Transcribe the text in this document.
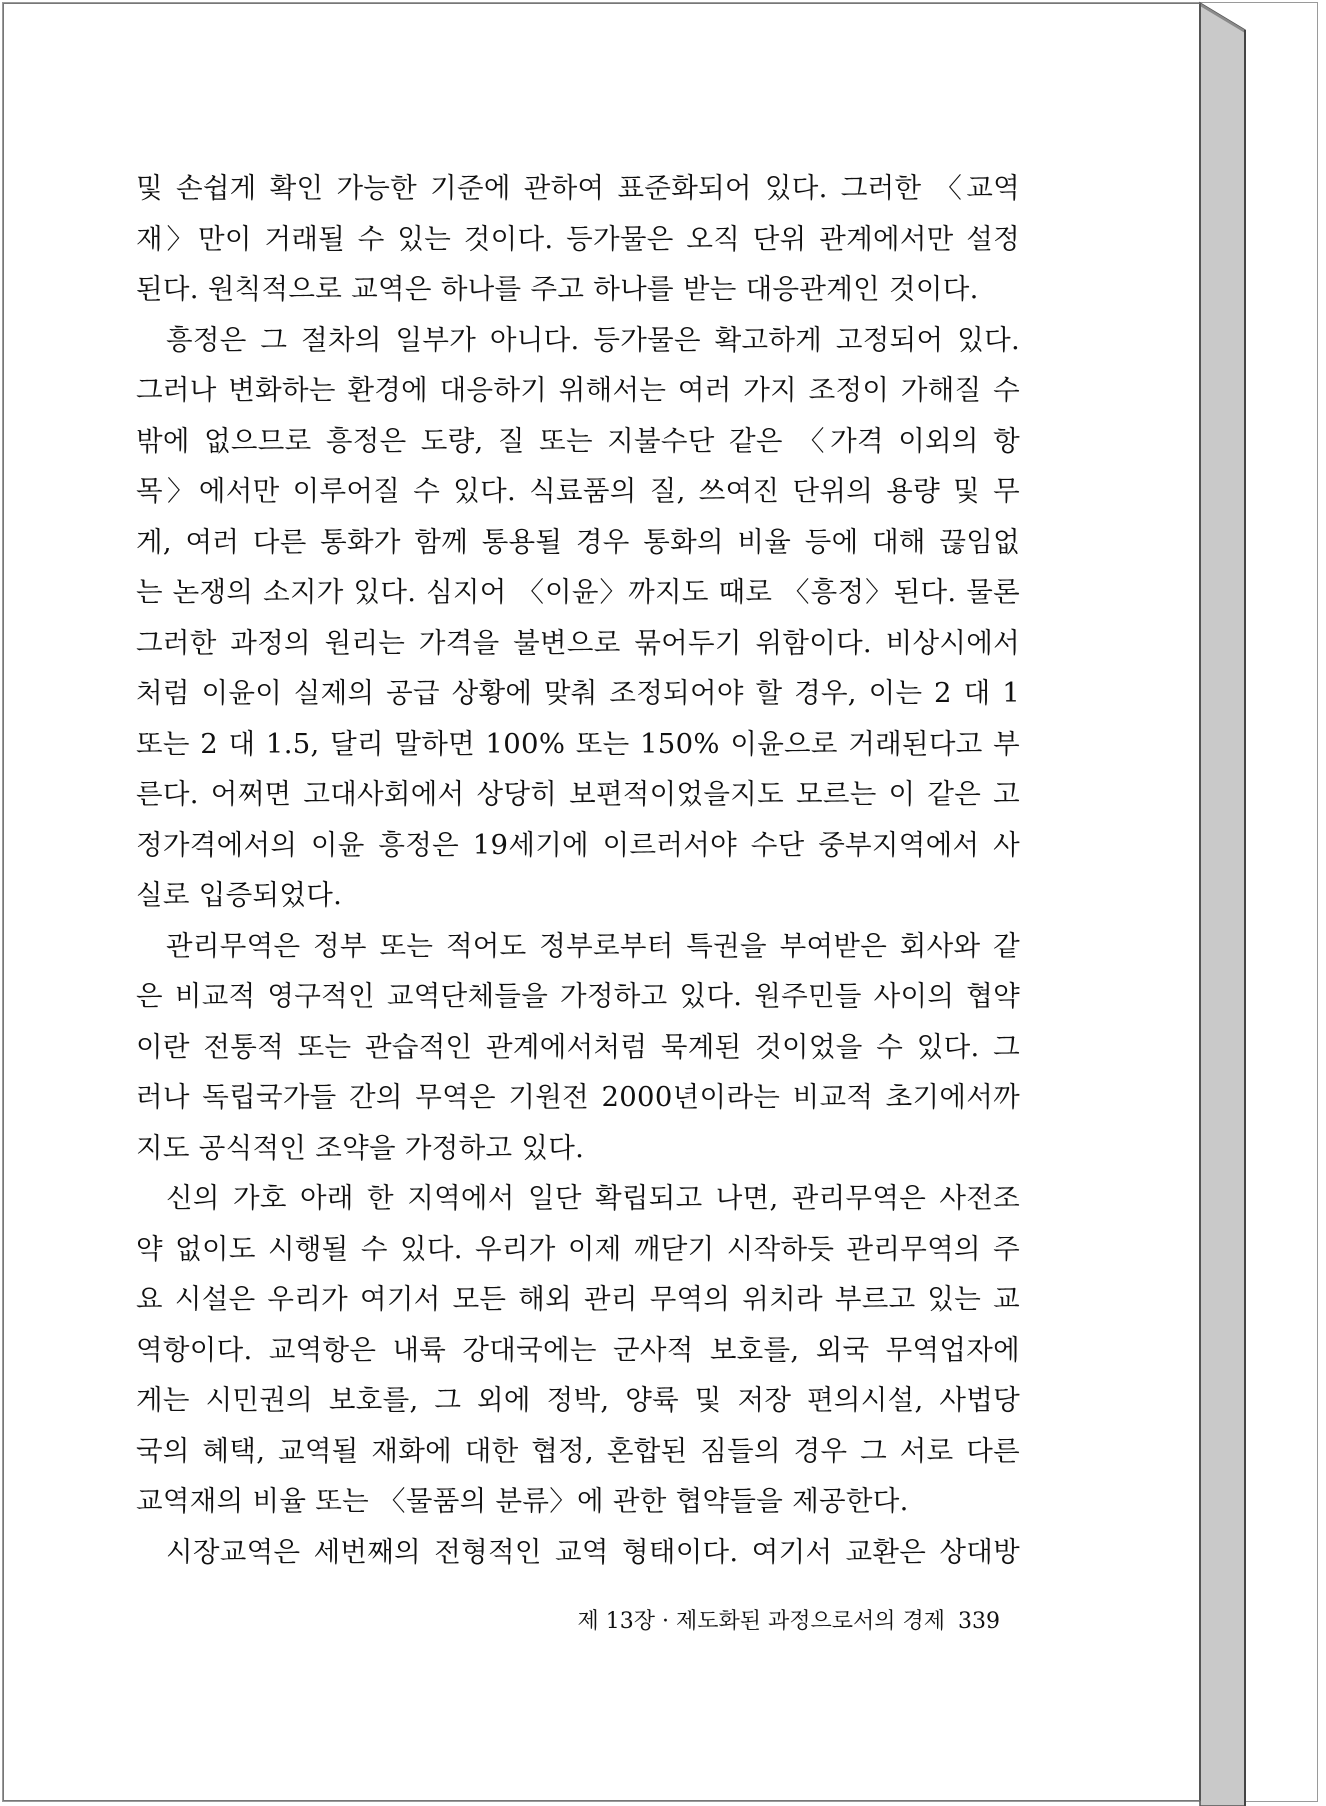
및 손쉽게 확인 가능한 기준에 관하여 표준화되어 있다. 그러한 〈교역
재〉만이 거래될 수 있는 것이다. 등가물은 오직 단위 관계에서만 설정
된다. 원칙적으로 교역은 하나를 주고 하나를 받는 대응관계인 것이다.
흥정은 그 절차의 일부가 아니다. 등가물은 확고하게 고정되어 있다.
그러나 변화하는 환경에 대응하기 위해서는 여러 가지 조정이 가해질 수
밖에 없으므로 흥정은 도량, 질 또는 지불수단 같은 〈가격 이외의 항
목〉에서만 이루어질 수 있다. 식료품의 질, 쓰여진 단위의 용량 및 무
게, 여러 다른 통화가 함께 통용될 경우 통화의 비율 등에 대해 끊임없
는 논쟁의 소지가 있다. 심지어 〈이윤〉까지도 때로 〈흥정〉된다. 물론
그러한 과정의 원리는 가격을 불변으로 묶어두기 위함이다. 비상시에서
처럼 이윤이 실제의 공급 상황에 맞춰 조정되어야 할 경우, 이는 2 대 1
또는 2 대 1.5, 달리 말하면 100% 또는 150% 이윤으로 거래된다고 부
른다. 어쩌면 고대사회에서 상당히 보편적이었을지도 모르는 이 같은 고
정가격에서의 이윤 흥정은 19세기에 이르러서야 수단 중부지역에서 사
실로 입증되었다.
관리무역은 정부 또는 적어도 정부로부터 특권을 부여받은 회사와 같
은 비교적 영구적인 교역단체들을 가정하고 있다. 원주민들 사이의 협약
이란 전통적 또는 관습적인 관계에서처럼 묵계된 것이었을 수 있다. 그
러나 독립국가들 간의 무역은 기원전 2000년이라는 비교적 초기에서까
지도 공식적인 조약을 가정하고 있다.
신의 가호 아래 한 지역에서 일단 확립되고 나면, 관리무역은 사전조
약 없이도 시행될 수 있다. 우리가 이제 깨닫기 시작하듯 관리무역의 주
요 시설은 우리가 여기서 모든 해외 관리 무역의 위치라 부르고 있는 교
역항이다. 교역항은 내륙 강대국에는 군사적 보호를, 외국 무역업자에
게는 시민권의 보호를, 그 외에 정박, 양륙 및 저장 편의시설, 사법당
국의 혜택, 교역될 재화에 대한 협정, 혼합된 짐들의 경우 그 서로 다른
교역재의 비율 또는 〈물품의 분류〉에 관한 협약들을 제공한다.
시장교역은 세번째의 전형적인 교역 형태이다. 여기서 교환은 상대방
제 13장 · 제도화된 과정으로서의 경제 339
